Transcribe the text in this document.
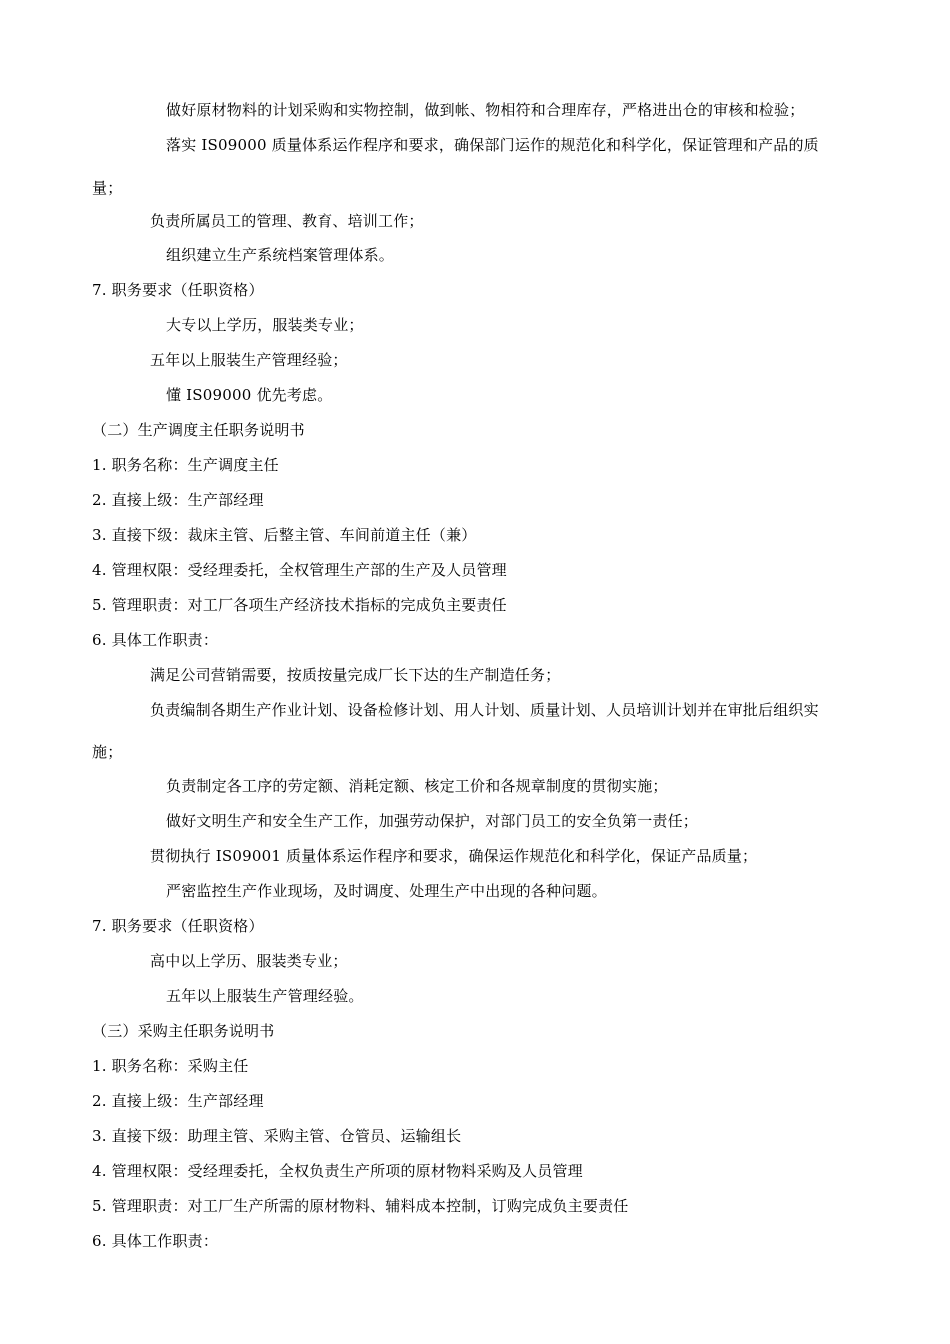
做好原材物料的计划采购和实物控制，做到帐、物相符和合理库存，严格进出仓的审核和检验；
落实 IS09000 质量体系运作程序和要求，确保部门运作的规范化和科学化，保证管理和产品的质
量；
负责所属员工的管理、教育、培训工作；
组织建立生产系统档案管理体系。
7. 职务要求（任职资格）
大专以上学历，服装类专业；
五年以上服装生产管理经验；
懂 IS09000 优先考虑。
（二）生产调度主任职务说明书
1. 职务名称：生产调度主任
2. 直接上级：生产部经理
3. 直接下级：裁床主管、后整主管、车间前道主任（兼）
4. 管理权限：受经理委托，全权管理生产部的生产及人员管理
5. 管理职责：对工厂各项生产经济技术指标的完成负主要责任
6. 具体工作职责：
满足公司营销需要，按质按量完成厂长下达的生产制造任务；
负责编制各期生产作业计划、设备检修计划、用人计划、质量计划、人员培训计划并在审批后组织实
施；
负责制定各工序的劳定额、消耗定额、核定工价和各规章制度的贯彻实施；
做好文明生产和安全生产工作，加强劳动保护，对部门员工的安全负第一责任；
贯彻执行 IS09001 质量体系运作程序和要求，确保运作规范化和科学化，保证产品质量；
严密监控生产作业现场，及时调度、处理生产中出现的各种问题。
7. 职务要求（任职资格）
高中以上学历、服装类专业；
五年以上服装生产管理经验。
（三）采购主任职务说明书
1. 职务名称：采购主任
2. 直接上级：生产部经理
3. 直接下级：助理主管、采购主管、仓管员、运输组长
4. 管理权限：受经理委托，全权负责生产所项的原材物料采购及人员管理
5. 管理职责：对工厂生产所需的原材物料、辅料成本控制，订购完成负主要责任
6. 具体工作职责：
